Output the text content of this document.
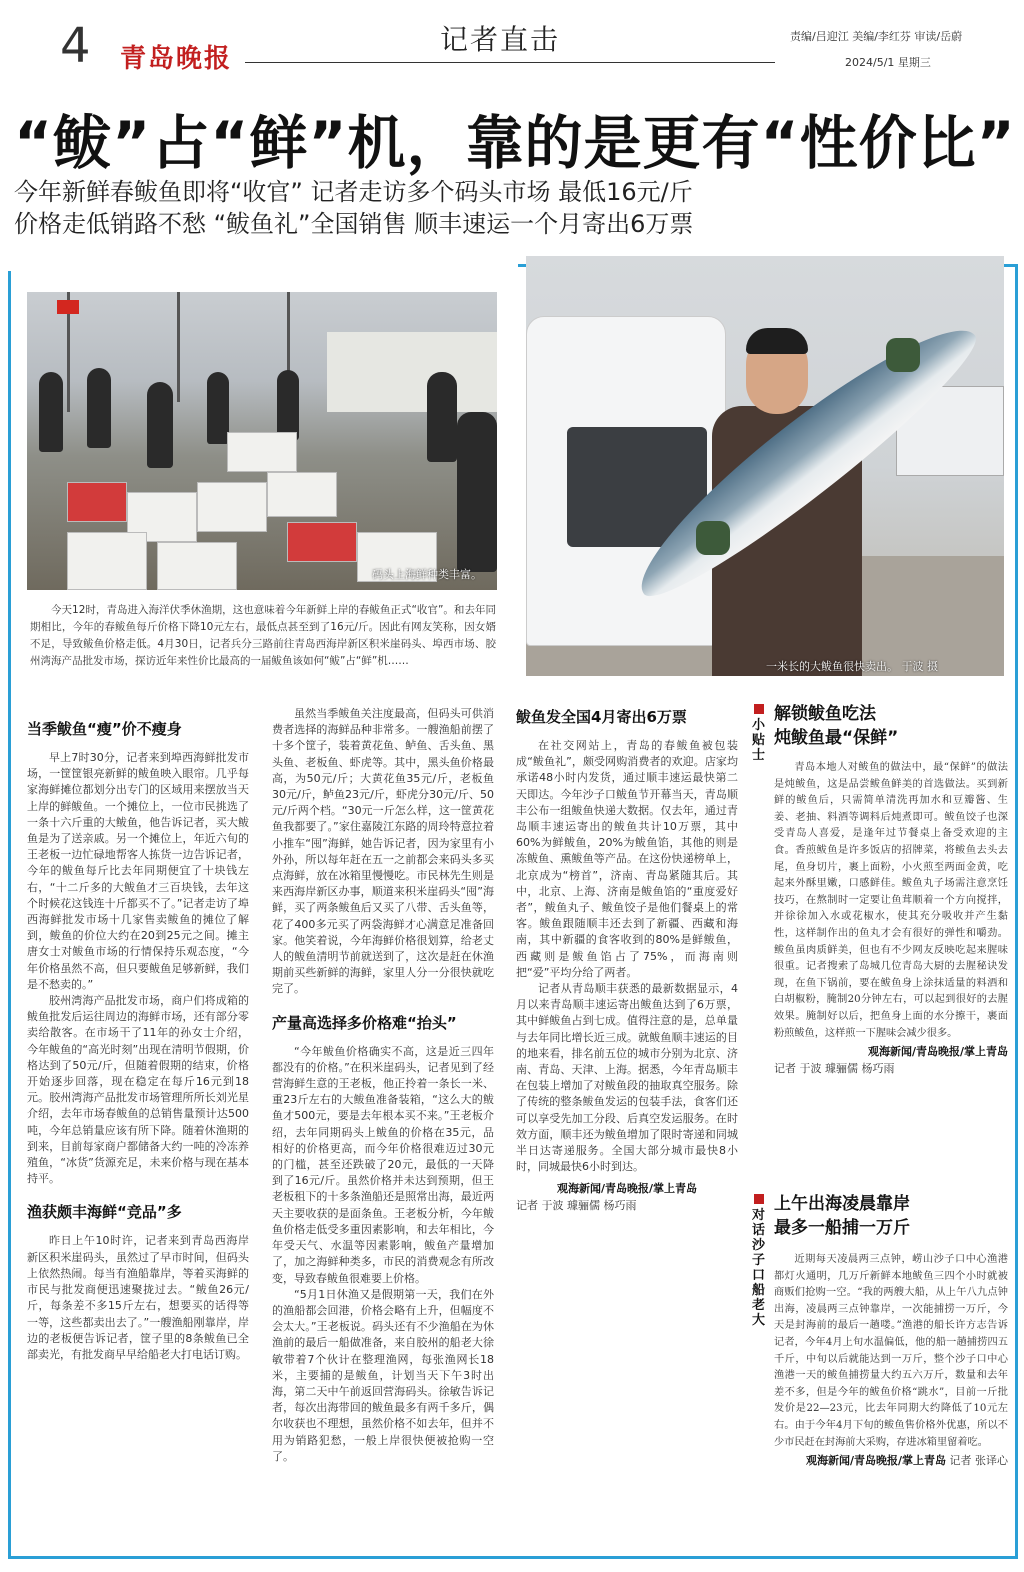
4 青岛晚报
记者直击	责编/吕迎江 美编/李红芬 审读/岳蔚
2024/5/1 星期三
“鲅”占“鲜”机，靠的是更有“性价比”
今年新鲜春鲅鱼即将“收官” 记者走访多个码头市场 最低16元/斤
价格走低销路不愁 “鲅鱼礼”全国销售 顺丰速运一个月寄出6万票
码头上海鲜种类丰富。
一米长的大鲅鱼很快卖出。 于波 摄
今天12时，青岛进入海洋伏季休渔期，这也意味着今年新鲜上岸的春鲅鱼正式“收官”。和去年同期相比，今年的春鲅鱼每斤价格下降10元左右，最低点甚至到了16元/斤。因此有网友笑称，因女婿不足，导致鲅鱼价格走低。4月30日，记者兵分三路前往青岛西海岸新区积米崖码头、埠西市场、胶州湾海产品批发市场，探访近年来性价比最高的一届鲅鱼该如何“鲅”占“鲜”机……
当季鲅鱼“瘦”价不瘦身

早上7时30分，记者来到埠西海鲜批发市场，一筐筐银亮新鲜的鲅鱼映入眼帘。几乎每家海鲜摊位都划分出专门的区域用来摆放当天上岸的鲜鲅鱼。一个摊位上，一位市民挑选了一条十六斤重的大鲅鱼，他告诉记者，买大鲅鱼是为了送亲戚。另一个摊位上，年近六旬的王老板一边忙碌地帮客人拣货一边告诉记者，今年的鲅鱼每斤比去年同期便宜了十块钱左右，“十二斤多的大鲅鱼才三百块钱，去年这个时候花这钱连十斤都买不了。”记者走访了埠西海鲜批发市场十几家售卖鲅鱼的摊位了解到，鲅鱼的价位大约在20到25元之间。摊主唐女士对鲅鱼市场的行情保持乐观态度，“今年价格虽然不高，但只要鲅鱼足够新鲜，我们是不愁卖的。”

胶州湾海产品批发市场，商户们将成箱的鲅鱼批发后运往周边的海鲜市场，还有部分零卖给散客。在市场干了11年的孙女士介绍，今年鲅鱼的“高光时刻”出现在清明节假期，价格达到了50元/斤，但随着假期的结束，价格开始逐步回落，现在稳定在每斤16元到18元。胶州湾海产品批发市场管理所所长刘光星介绍，去年市场春鲅鱼的总销售量预计达500吨，今年总销量应该有所下降。随着休渔期的到来，目前每家商户都储备大约一吨的冷冻养殖鱼，“冰货”货源充足，未来价格与现在基本持平。

渔获颇丰海鲜“竞品”多

昨日上午10时许，记者来到青岛西海岸新区积米崖码头，虽然过了早市时间，但码头上依然热闹。每当有渔船靠岸，等着买海鲜的市民与批发商便迅速聚拢过去。“鲅鱼26元/斤，每条差不多15斤左右，想要买的话得等一等，这些都卖出去了。”一艘渔船刚靠岸，岸边的老板便告诉记者，筐子里的8条鲅鱼已全部卖光，有批发商早早给船老大打电话订购。

虽然当季鲅鱼关注度最高，但码头可供消费者选择的海鲜品种非常多。一艘渔船前摆了十多个筐子，装着黄花鱼、鲈鱼、舌头鱼、黑头鱼、老板鱼、虾虎等。其中，黑头鱼价格最高，为50元/斤；大黄花鱼35元/斤，老板鱼30元/斤，鲈鱼23元/斤，虾虎分30元/斤、50元/斤两个档。“30元一斤怎么样，这一筐黄花鱼我都要了。”家住嘉陵江东路的周玲特意拉着小推车“囤”海鲜，她告诉记者，因为家里有小外孙，所以每年赶在五一之前都会来码头多买点海鲜，放在冰箱里慢慢吃。市民林先生则是来西海岸新区办事，顺道来积米崖码头“囤”海鲜，买了两条鲅鱼后又买了八带、舌头鱼等，花了400多元买了两袋海鲜才心满意足准备回家。他笑着说，今年海鲜价格很划算，给老丈人的鲅鱼清明节前就送到了，这次是赶在休渔期前买些新鲜的海鲜，家里人分一分很快就吃完了。

产量高选择多价格难“抬头”

“今年鲅鱼价格确实不高，这是近三四年都没有的价格。”在积米崖码头，记者见到了经营海鲜生意的王老板，他正拎着一条长一米、重23斤左右的大鲅鱼准备装箱，“这么大的鲅鱼才500元，要是去年根本买不来。”王老板介绍，去年同期码头上鲅鱼的价格在35元，品相好的价格更高，而今年价格很难迈过30元的门槛，甚至还跌破了20元，最低的一天降到了16元/斤。虽然价格并未达到预期，但王老板租下的十多条渔船还是照常出海，最近两天主要收获的是面条鱼。王老板分析，今年鲅鱼价格走低受多重因素影响，和去年相比，今年受天气、水温等因素影响，鲅鱼产量增加了，加之海鲜种类多，市民的消费观念有所改变，导致春鲅鱼很难要上价格。

“5月1日休渔又是假期第一天，我们在外的渔船都会回港，价格会略有上升，但幅度不会太大。”王老板说。码头还有不少渔船在为休渔前的最后一船做准备，来自胶州的船老大徐敏带着7个伙计在整理渔网，每张渔网长18米，主要捕的是鲅鱼，计划当天下午3时出海，第二天中午前返回营海码头。徐敏告诉记者，每次出海带回的鲅鱼最多有两千多斤，偶尔收获也不理想，虽然价格不如去年，但并不用为销路犯愁，一般上岸很快便被抢购一空了。

鲅鱼发全国4月寄出6万票

在社交网站上，青岛的春鲅鱼被包装成“鲅鱼礼”，颇受网购消费者的欢迎。店家均承诺48小时内发货，通过顺丰速运最快第二天即达。今年沙子口鲅鱼节开幕当天，青岛顺丰公布一组鲅鱼快递大数据。仅去年，通过青岛顺丰速运寄出的鲅鱼共计10万票，其中60%为鲜鲅鱼，20%为鲅鱼馅，其他的则是冻鲅鱼、熏鲅鱼等产品。在这份快递榜单上，北京成为“榜首”，济南、青岛紧随其后。其中，北京、上海、济南是鲅鱼馅的“重度爱好者”，鲅鱼丸子、鲅鱼饺子是他们餐桌上的常客。鲅鱼跟随顺丰还去到了新疆、西藏和海南，其中新疆的食客收到的80%是鲜鲅鱼，西藏则是鲅鱼馅占了75%，而海南则把“爱”平均分给了两者。

记者从青岛顺丰获悉的最新数据显示，4月以来青岛顺丰速运寄出鲅鱼达到了6万票，其中鲜鲅鱼占到七成。值得注意的是，总单量与去年同比增长近三成。就鲅鱼顺丰速运的目的地来看，排名前五位的城市分别为北京、济南、青岛、天津、上海。据悉，今年青岛顺丰在包装上增加了对鲅鱼段的抽取真空服务。除了传统的整条鲅鱼发运的包装手法，食客们还可以享受先加工分段、后真空发运服务。在时效方面，顺丰还为鲅鱼增加了限时寄递和同城半日达寄递服务。全国大部分城市最快8小时，同城最快6小时到达。

观海新闻/青岛晚报/掌上青岛
记者 于波 璩骊儒 杨巧雨
小贴士
解锁鲅鱼吃法
炖鲅鱼最“保鲜”

青岛本地人对鲅鱼的做法中，最“保鲜”的做法是炖鲅鱼，这是品尝鲅鱼鲜美的首选做法。买到新鲜的鲅鱼后，只需简单清洗再加水和豆瓣酱、生姜、老抽、料酒等调料后炖煮即可。鲅鱼饺子也深受青岛人喜爱，是逢年过节餐桌上备受欢迎的主食。香煎鲅鱼是许多饭店的招牌菜，将鲅鱼去头去尾，鱼身切片，裹上面粉，小火煎至两面金黄，吃起来外酥里嫩，口感鲜佳。鲅鱼丸子场需注意烹饪技巧，在熬制时一定要让鱼茸顺着一个方向搅拌，并徐徐加入水或花椒水，使其充分吸收并产生黏性，这样制作出的鱼丸才会有很好的弹性和嚼劲。鲅鱼虽肉质鲜美，但也有不少网友反映吃起来腥味很重。记者搜索了岛城几位青岛大厨的去腥秘诀发现，在鱼下锅前，要在鲅鱼身上涂抹适量的料酒和白胡椒粉，腌制20分钟左右，可以起到很好的去腥效果。腌制好以后，把鱼身上面的水分擦干，裹面粉煎鲅鱼，这样煎一下腥味会减少很多。

观海新闻/青岛晚报/掌上青岛
记者 于波 璩骊儒 杨巧雨
对话沙子口船老大
上午出海凌晨靠岸
最多一船捕一万斤

近期每天凌晨两三点钟，崂山沙子口中心渔港都灯火通明，几万斤新鲜本地鲅鱼三四个小时就被商贩们抢购一空。“我的两艘大船，从上午八九点钟出海，凌晨两三点钟靠岸，一次能捕捞一万斤，今天是封海前的最后一趟喽。”渔港的船长许方志告诉记者，今年4月上旬水温偏低，他的船一趟捕捞四五千斤，中旬以后就能达到一万斤，整个沙子口中心渔港一天的鲅鱼捕捞量大约五六万斤，数量和去年差不多，但是今年的鲅鱼价格“跳水”，目前一斤批发价是22—23元，比去年同期大约降低了10元左右。由于今年4月下旬的鲅鱼售价格外优惠，所以不少市民赶在封海前大采购，存进冰箱里留着吃。

观海新闻/青岛晚报/掌上青岛 记者 张译心
